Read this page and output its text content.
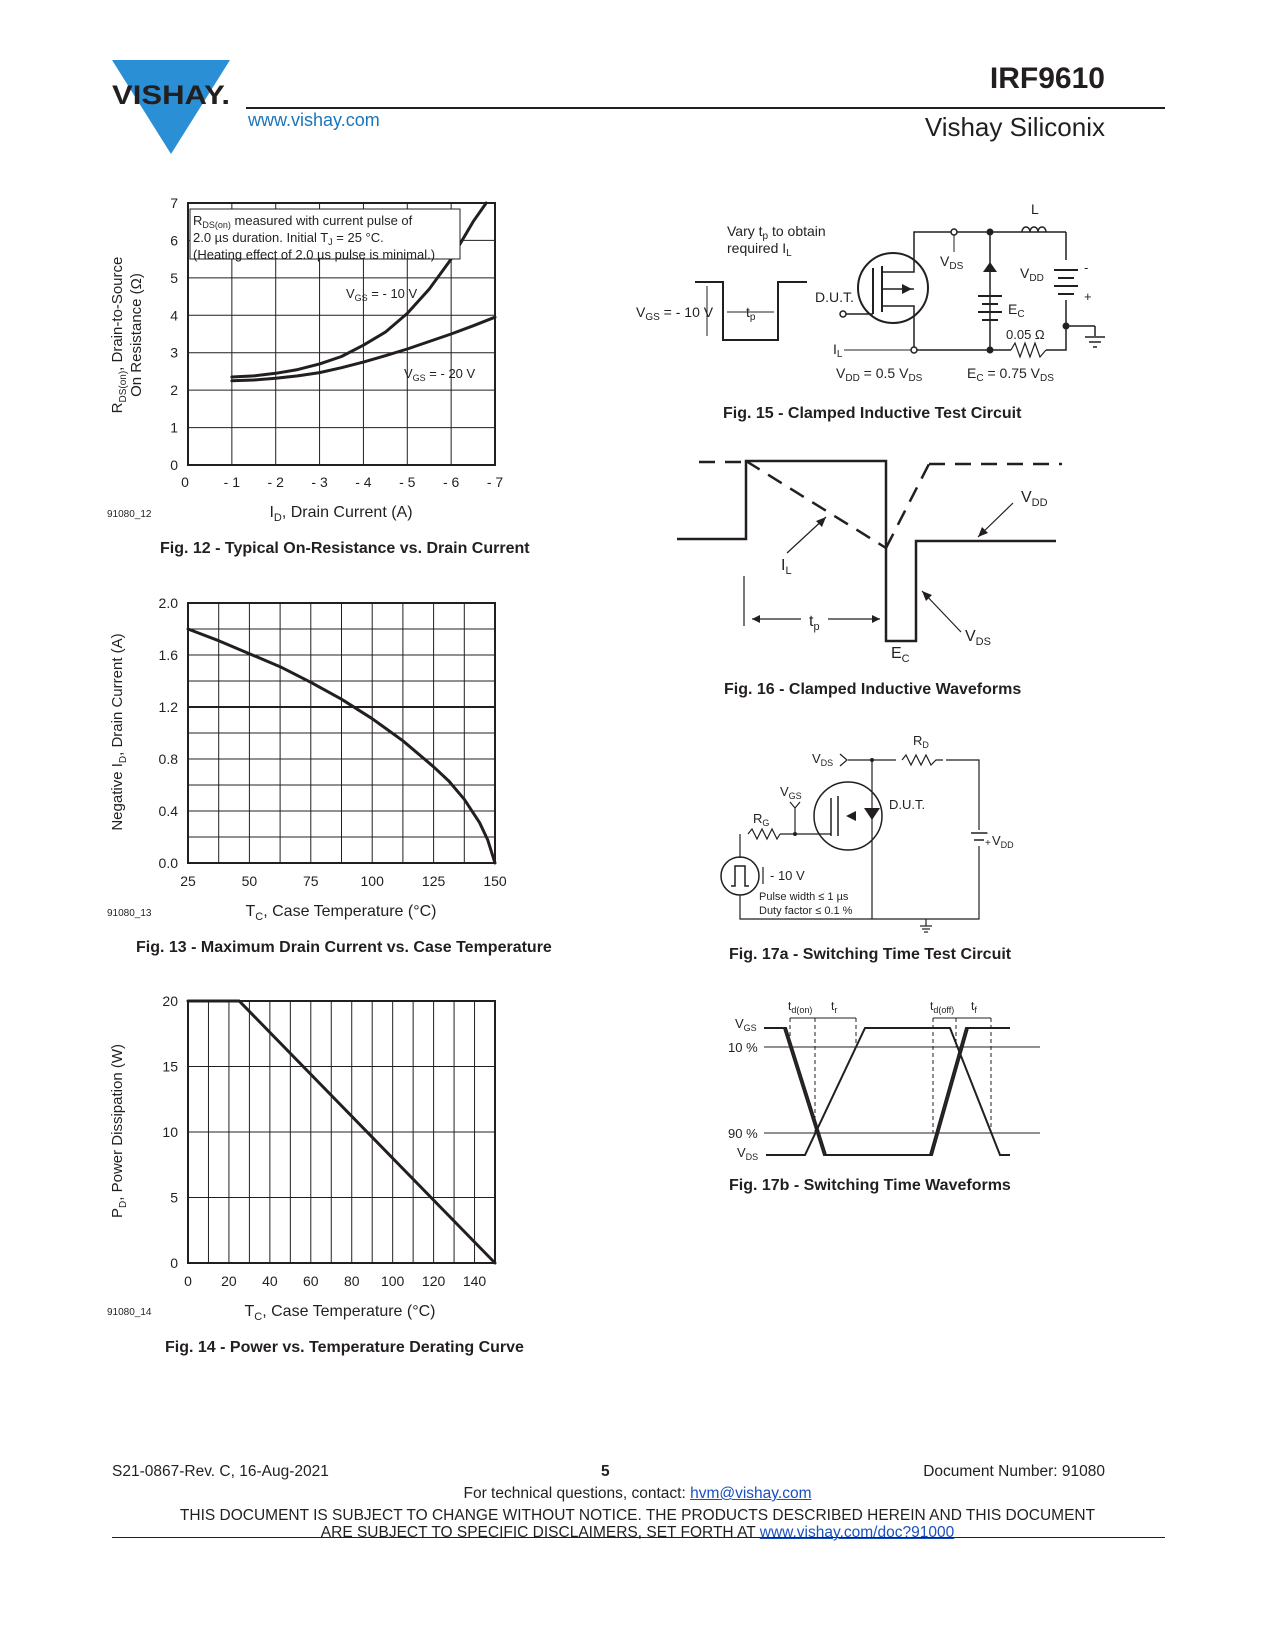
VISHAY.
www.vishay.com
IRF9610
Vishay Siliconix
0 - 1 - 2 - 3 - 4 - 5 - 6 - 7
0
1
2
3
4
5
6
7
$R_{DS(on)}$ measured with current pulse of
2.0 µs duration. Initial $T_J = 25$ °C.
(Heating effect of 2.0 µs pulse is minimal.)
$V_{GS}$ = - 10 V
$V_{GS}$ = - 20 V
$I_D$, Drain Current (A)
$R_{DS(on)}$, Drain-to-Source On Resistance (Ω)
91080_12
Fig. 12 - Typical On-Resistance vs. Drain Current
25	50	75	100	125	150
0.0
0.4
0.8
1.2
1.6
2.0
$T_C$, Case Temperature (°C)
Negative $I_D$, Drain Current (A)
91080_13
Fig. 13 - Maximum Drain Current vs. Case Temperature
0 20 40 60 80 100 120 140
0
5
10
15
20
$T_C$, Case Temperature (°C)
$P_D$, Power Dissipation (W)
91080_14
Fig. 14 - Power vs. Temperature Derating Curve
Vary $t_p$ to obtain
required $I_L$
$V_{GS}$ = - 10 V $t_p$
D.U.T.
$V_{DS}$
L
$V_{DD}$
-
+
$E_C$
0.05 Ω
$I_L$
$V_{DD} = 0.5$ $V_{DS}$	$E_C = 0.75$ $V_{DS}$
Fig. 15 - Clamped Inductive Test Circuit
$V_{DD}$
$I_L$
$t_p$
$V_{DS}$
$E_C$
Fig. 16 - Clamped Inductive Waveforms
$R_D$
$V_{DS}$
$V_{GS}$
$R_G$
D.U.T.
-
+ $V_{DD}$
- 10 V
Pulse width ≤ 1 µs
Duty factor ≤ 0.1 %
Fig. 17a - Switching Time Test Circuit
$t_{d(on)}$ $t_r$	$t_{d(off)}$ $t_f$
$V_{GS}$
10 %
90 %
$V_{DS}$
Fig. 17b - Switching Time Waveforms
S21-0867-Rev. C, 16-Aug-2021	5	Document Number: 91080
For technical questions, contact: hvm@vishay.com
THIS DOCUMENT IS SUBJECT TO CHANGE WITHOUT NOTICE. THE PRODUCTS DESCRIBED HEREIN AND THIS DOCUMENT
ARE SUBJECT TO SPECIFIC DISCLAIMERS, SET FORTH AT www.vishay.com/doc?91000
